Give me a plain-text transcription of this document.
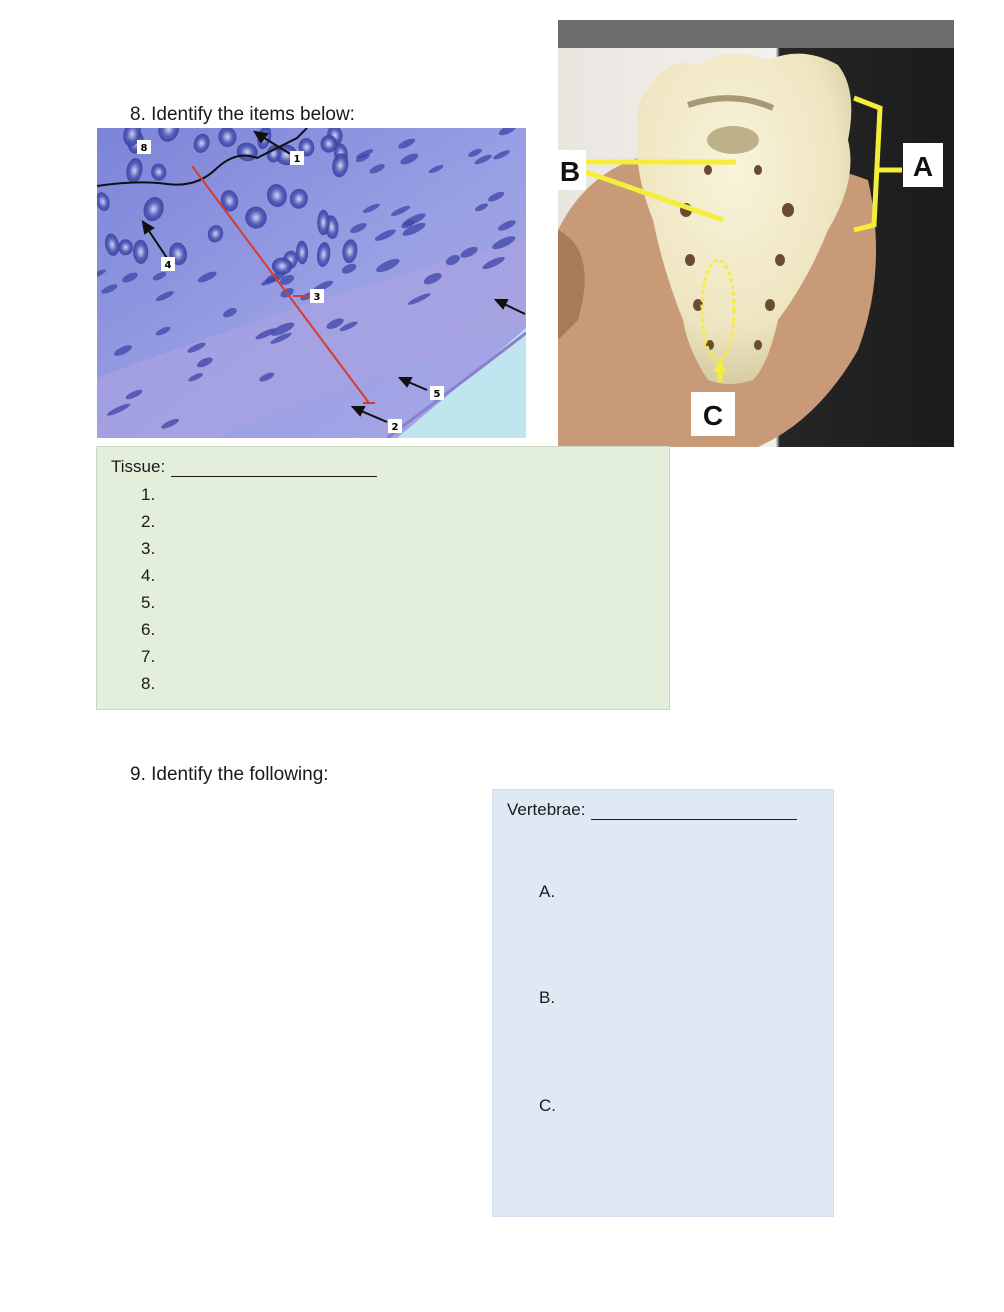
8. Identify the items below:
8
1
4
3
5
2
A
B
C
Tissue:
1.
2.
3.
4.
5.
6.
7.
8.
9. Identify the following:
Vertebrae:
A.
B.
C.
